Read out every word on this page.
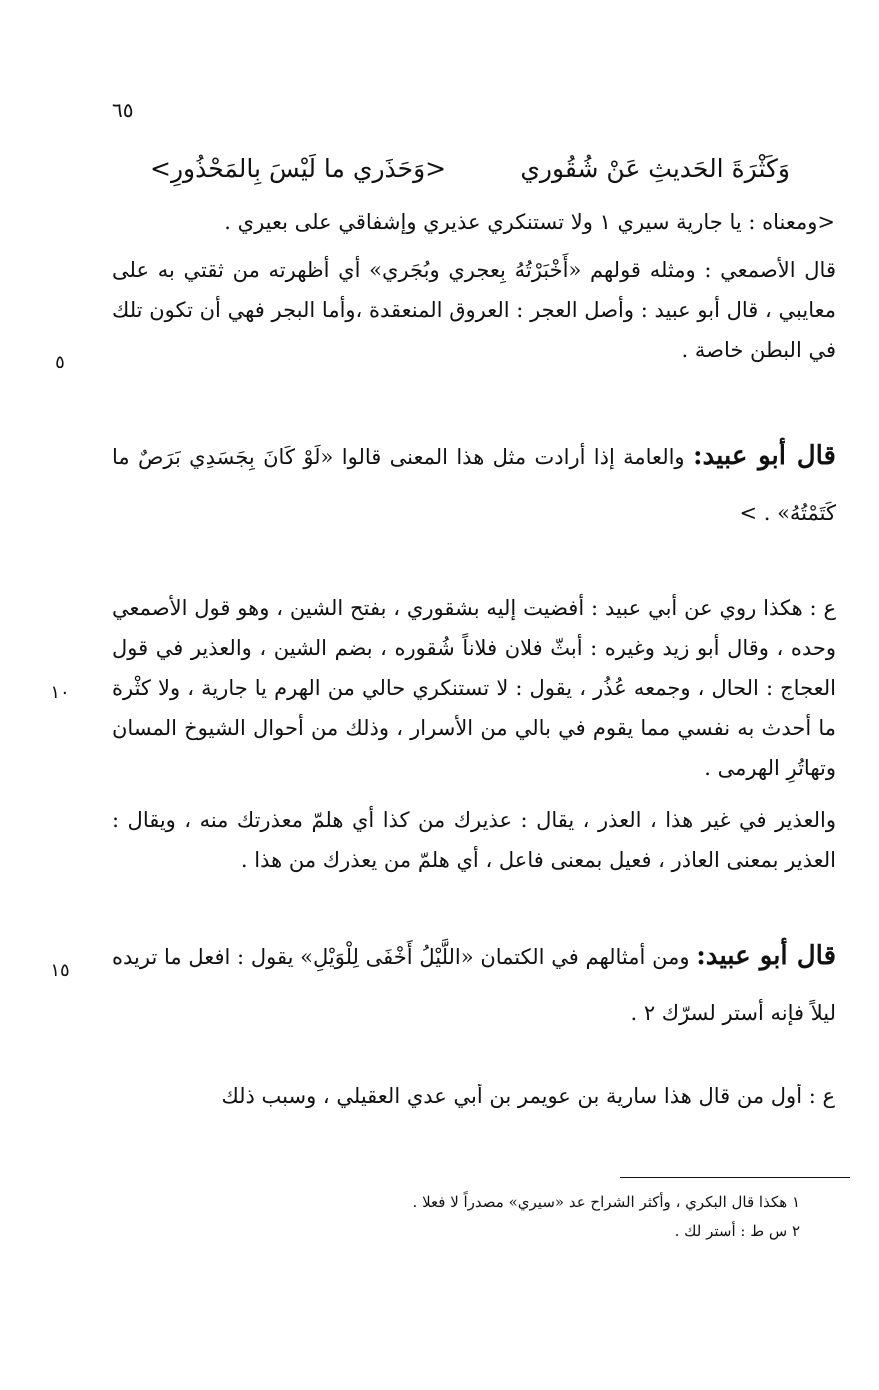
٦٥
٥
١٠
١٥
وَكَثْرَةَ الحَديثِ عَنْ شُقُوري
<وَحَذَري ما لَيْسَ بِالمَحْذُورِ>
<ومعناه : يا جارية سيري ١ ولا تستنكري عذيري وإشفاقي على بعيري .
قال الأصمعي : ومثله قولهم «أَخْبَرْتُهُ بِعجري وبُجَري» أي أظهرته من ثقتي به على معايبي ، قال أبو عبيد : وأصل العجر : العروق المنعقدة ،وأما البجر فهي أن تكون تلك في البطن خاصة .
قال أبو عبيد: والعامة إذا أرادت مثل هذا المعنى قالوا «لَوْ كَانَ بِجَسَدِي بَرَصٌ ما كَتَمْتُهُ» . >
ع : هكذا روي عن أبي عبيد : أفضيت إليه بشقوري ، بفتح الشين ، وهو قول الأصمعي وحده ، وقال أبو زيد وغيره : أبثّ فلان فلاناً شُقوره ، بضم الشين ، والعذير في قول العجاج : الحال ، وجمعه عُذُر ، يقول : لا تستنكري حالي من الهرم يا جارية ، ولا كثْرة ما أحدث به نفسي مما يقوم في بالي من الأسرار ، وذلك من أحوال الشيوخ المسان وتهاتُرِ الهرمى .
والعذير في غير هذا ، العذر ، يقال : عذيرك من كذا أي هلمّ معذرتك منه ، ويقال : العذير بمعنى العاذر ، فعيل بمعنى فاعل ، أي هلمّ من يعذرك من هذا .
قال أبو عبيد: ومن أمثالهم في الكتمان «اللَّيْلُ أَخْفَى لِلْوَيْلِ» يقول : افعل ما تريده ليلاً فإنه أستر لسرّك ٢ .
ع : أول من قال هذا سارية بن عويمر بن أبي عدي العقيلي ، وسبب ذلك
١ هكذا قال البكري ، وأكثر الشراح عد «سيري» مصدراً لا فعلا .
٢ س ط : أستر لك .
